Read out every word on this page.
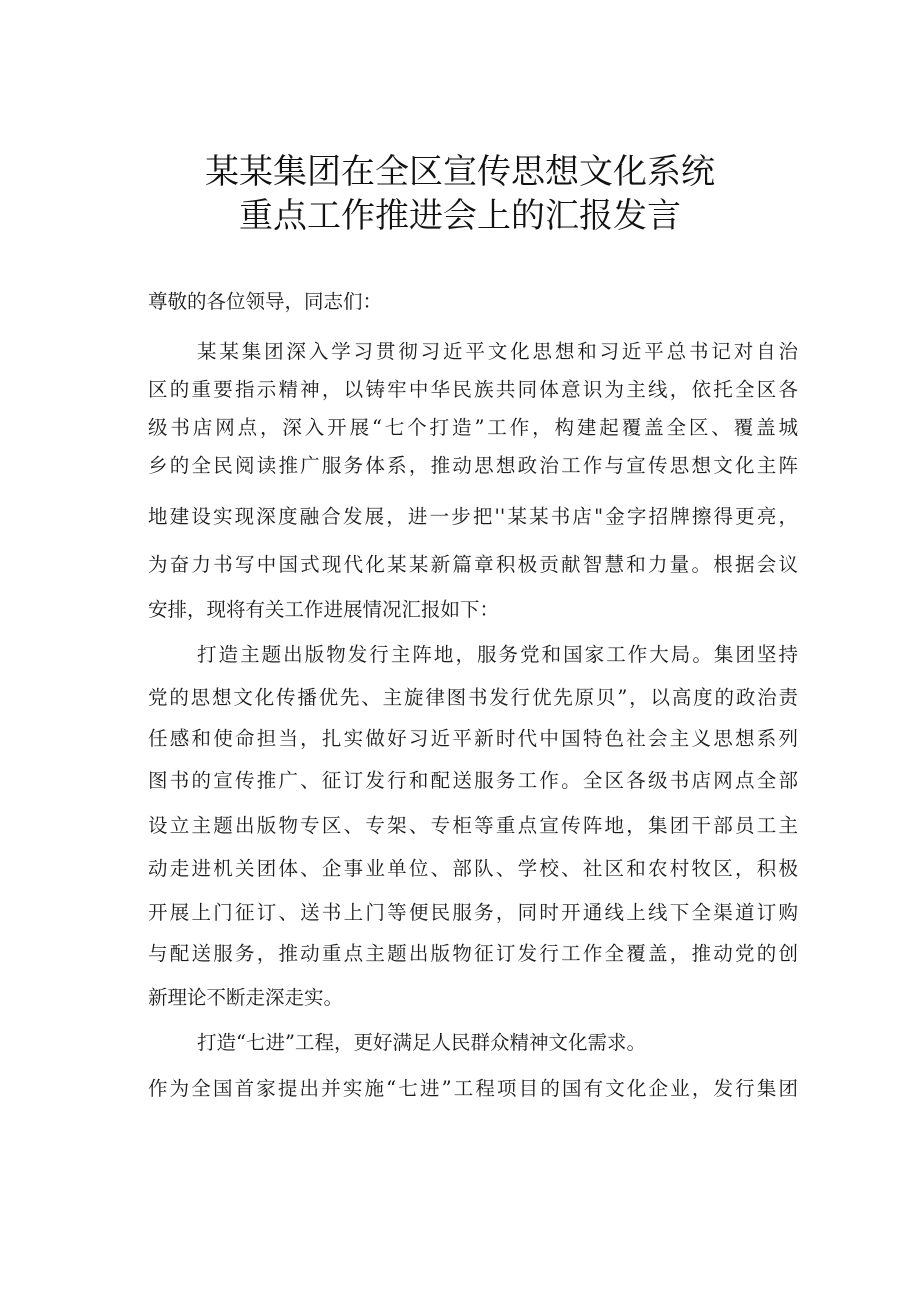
某某集团在全区宣传思想文化系统
重点工作推进会上的汇报发言
尊敬的各位领导，同志们：
某某集团深入学习贯彻习近平文化思想和习近平总书记对自治
区的重要指示精神，以铸牢中华民族共同体意识为主线，依托全区各
级书店网点，深入开展“七个打造”工作，构建起覆盖全区、覆盖城
乡的全民阅读推广服务体系，推动思想政治工作与宣传思想文化主阵
地建设实现深度融合发展，进一步把''某某书店"金字招牌擦得更亮，
为奋力书写中国式现代化某某新篇章积极贡献智慧和力量。根据会议
安排，现将有关工作进展情况汇报如下：
打造主题出版物发行主阵地，服务党和国家工作大局。集团坚持
党的思想文化传播优先、主旋律图书发行优先原贝”，以高度的政治责
任感和使命担当，扎实做好习近平新时代中国特色社会主义思想系列
图书的宣传推广、征订发行和配送服务工作。全区各级书店网点全部
设立主题出版物专区、专架、专柜等重点宣传阵地，集团干部员工主
动走进机关团体、企事业单位、部队、学校、社区和农村牧区，积极
开展上门征订、送书上门等便民服务，同时开通线上线下全渠道订购
与配送服务，推动重点主题出版物征订发行工作全覆盖，推动党的创
新理论不断走深走实。
打造“七进”工程，更好满足人民群众精神文化需求。
作为全国首家提出并实施“七进”工程项目的国有文化企业，发行集团
